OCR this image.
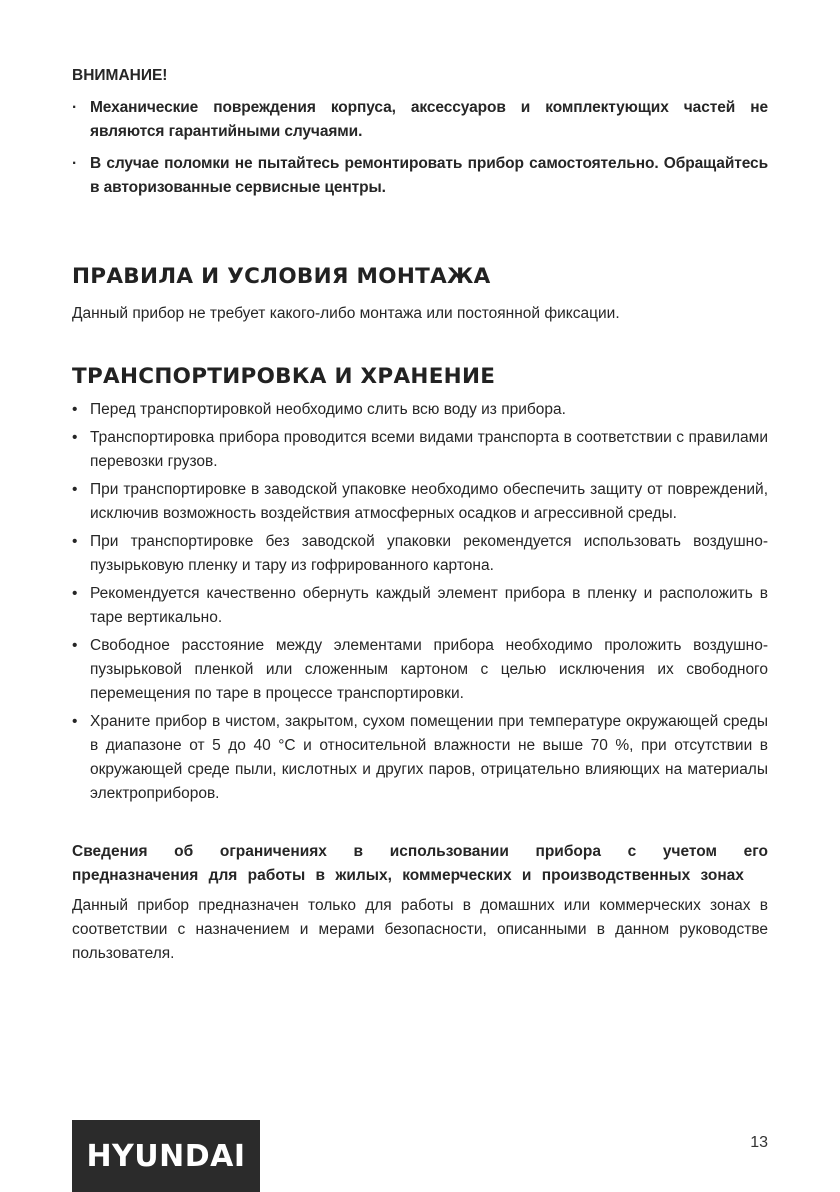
ВНИМАНИЕ!

· Механические повреждения корпуса, аксессуаров и комплектующих частей не являются гарантийными случаями.
· В случае поломки не пытайтесь ремонтировать прибор самостоятельно. Обращайтесь в авторизованные сервисные центры.
ПРАВИЛА И УСЛОВИЯ МОНТАЖА

Данный прибор не требует какого-либо монтажа или постоянной фиксации.

ТРАНСПОРТИРОВКА И ХРАНЕНИЕ
• Перед транспортировкой необходимо слить всю воду из прибора.
• Транспортировка прибора проводится всеми видами транспорта в соответствии с правилами перевозки грузов.
• При транспортировке в заводской упаковке необходимо обеспечить защиту от повреждений, исключив возможность воздействия атмосферных осадков и агрессивной среды.
• При транспортировке без заводской упаковки рекомендуется использовать воздушно-пузырьковую пленку и тару из гофрированного картона.
• Рекомендуется качественно обернуть каждый элемент прибора в пленку и расположить в таре вертикально.
• Свободное расстояние между элементами прибора необходимо проложить воздушно-пузырьковой пленкой или сложенным картоном с целью исключения их свободного перемещения по таре в процессе транспортировки.
• Храните прибор в чистом, закрытом, сухом помещении при температуре окружающей среды в диапазоне от 5 до 40 °С и относительной влажности не выше 70 %, при отсутствии в окружающей среде пыли, кислотных и других паров, отрицательно влияющих на материалы электроприборов.

Сведения об ограничениях в использовании прибора с учетом его предназначения для работы в жилых, коммерческих и производственных зонах

Данный прибор предназначен только для работы в домашних или коммерческих зонах в соответствии с назначением и мерами безопасности, описанными в данном руководстве пользователя.

HYUNDAI	13
